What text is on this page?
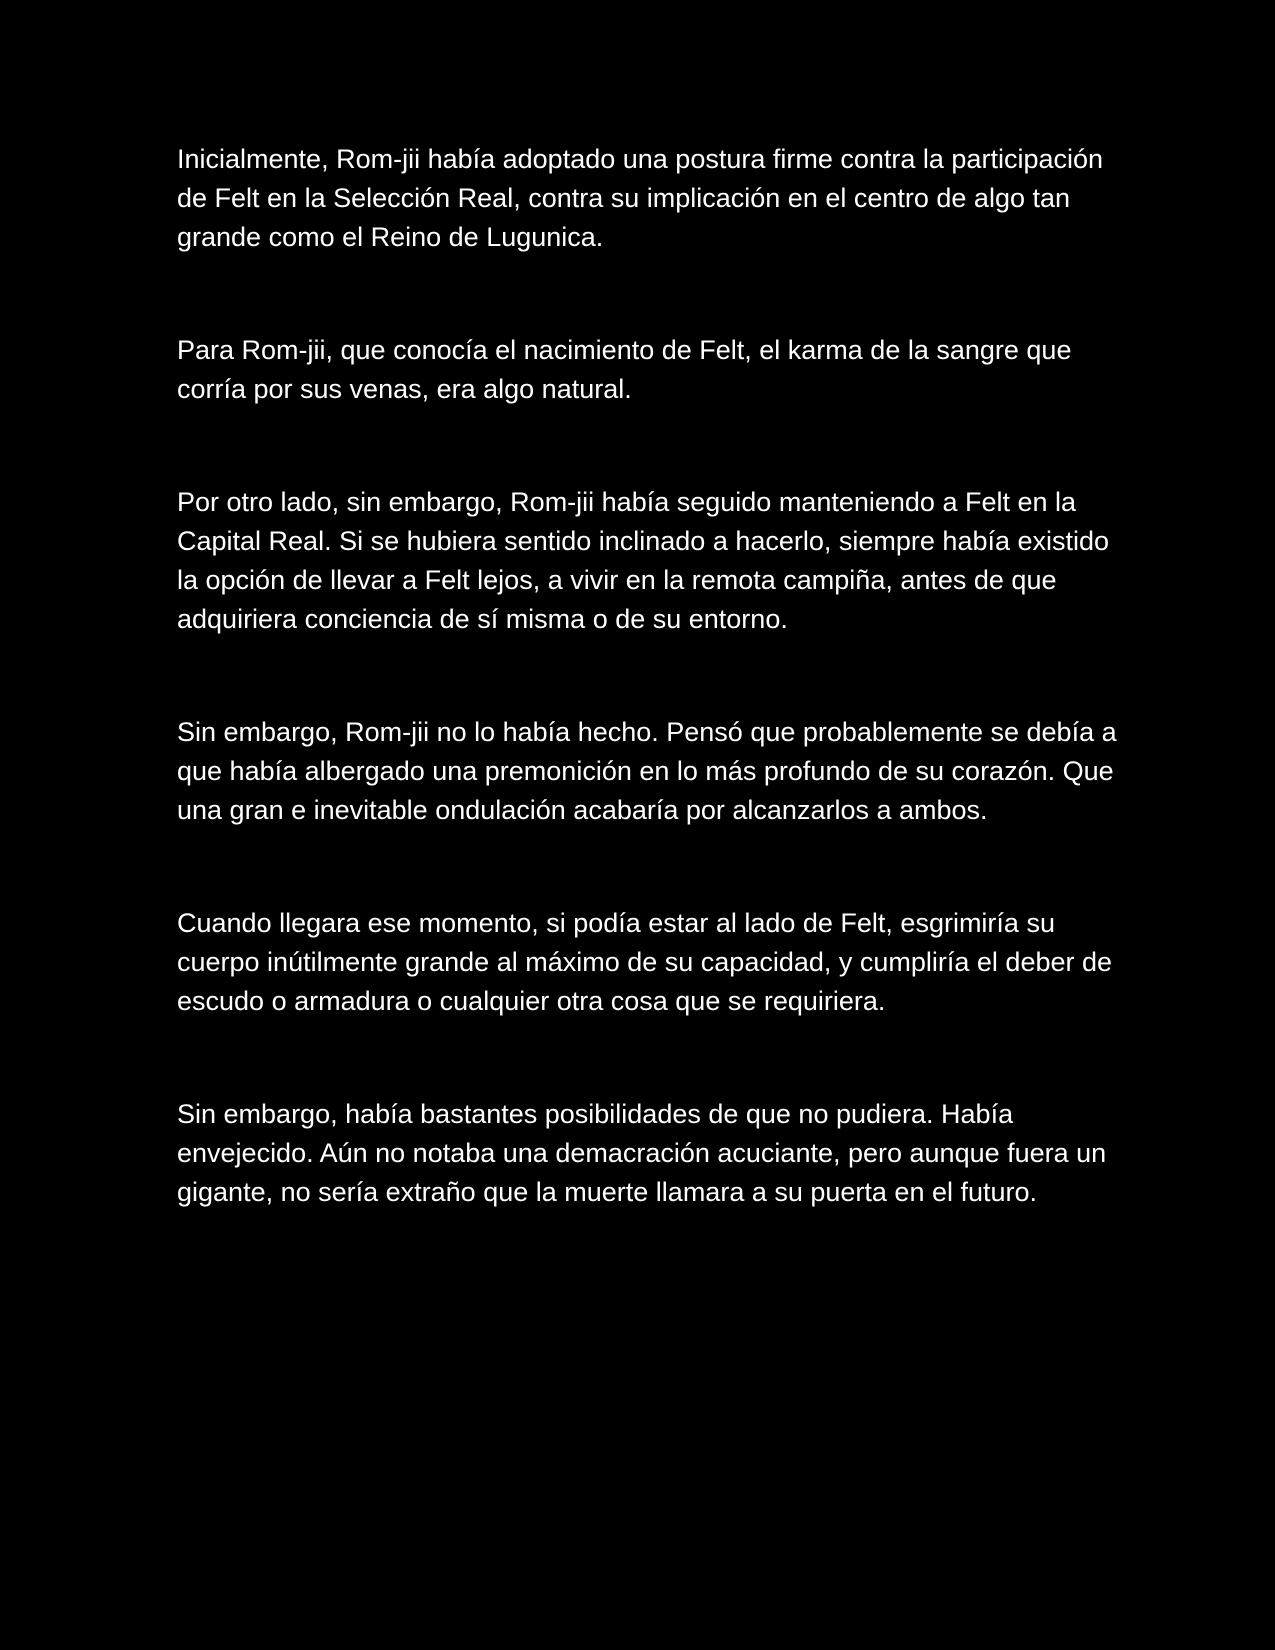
Inicialmente, Rom-jii había adoptado una postura firme contra la participación de Felt en la Selección Real, contra su implicación en el centro de algo tan grande como el Reino de Lugunica.

Para Rom-jii, que conocía el nacimiento de Felt, el karma de la sangre que corría por sus venas, era algo natural.

Por otro lado, sin embargo, Rom-jii había seguido manteniendo a Felt en la Capital Real. Si se hubiera sentido inclinado a hacerlo, siempre había existido la opción de llevar a Felt lejos, a vivir en la remota campiña, antes de que adquiriera conciencia de sí misma o de su entorno.

Sin embargo, Rom-jii no lo había hecho. Pensó que probablemente se debía a que había albergado una premonición en lo más profundo de su corazón. Que una gran e inevitable ondulación acabaría por alcanzarlos a ambos.

Cuando llegara ese momento, si podía estar al lado de Felt, esgrimiría su cuerpo inútilmente grande al máximo de su capacidad, y cumpliría el deber de escudo o armadura o cualquier otra cosa que se requiriera.

Sin embargo, había bastantes posibilidades de que no pudiera. Había envejecido. Aún no notaba una demacración acuciante, pero aunque fuera un gigante, no sería extraño que la muerte llamara a su puerta en el futuro.
